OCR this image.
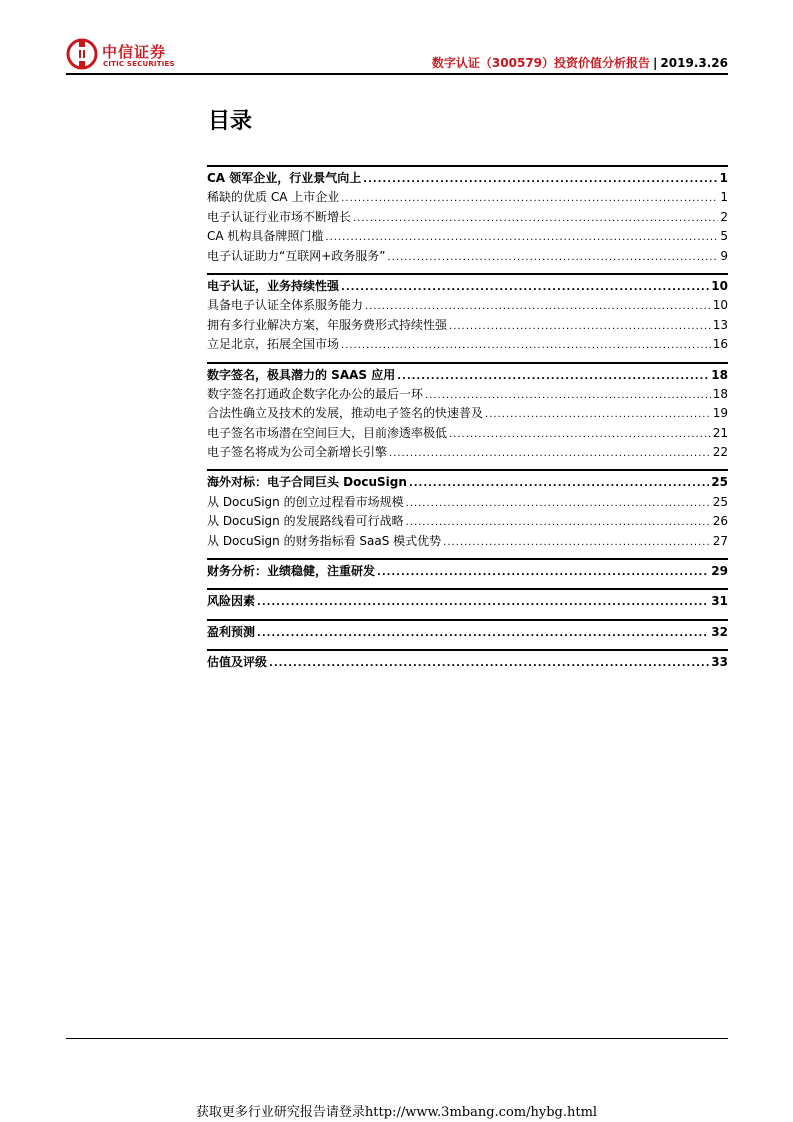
中信证券
CITIC SECURITIES	数字认证（300579）投资价值分析报告 | 2019.3.26
目录
CA 领军企业，行业景气向上 .....	1
稀缺的优质 CA 上市企业 .....	1
电子认证行业市场不断增长 .....	2
CA 机构具备牌照门槛 .....	5
电子认证助力“互联网+政务服务” .....	9
电子认证，业务持续性强 .....	10
具备电子认证全体系服务能力 .....	10
拥有多行业解决方案，年服务费形式持续性强 .....	13
立足北京，拓展全国市场 .....	16
数字签名，极具潜力的 SAAS 应用 .....	18
数字签名打通政企数字化办公的最后一环 .....	18
合法性确立及技术的发展，推动电子签名的快速普及 .....	19
电子签名市场潜在空间巨大，目前渗透率极低 .....	21
电子签名将成为公司全新增长引擎 .....	22
海外对标：电子合同巨头 DocuSign .....	25
从 DocuSign 的创立过程看市场规模 .....	25
从 DocuSign 的发展路线看可行战略 .....	26
从 DocuSign 的财务指标看 SaaS 模式优势 .....	27
财务分析：业绩稳健，注重研发 .....	29
风险因素 .....	31
盈利预测 .....	32
估值及评级 .....	33
获取更多行业研究报告请登录http://www.3mbang.com/hybg.html
